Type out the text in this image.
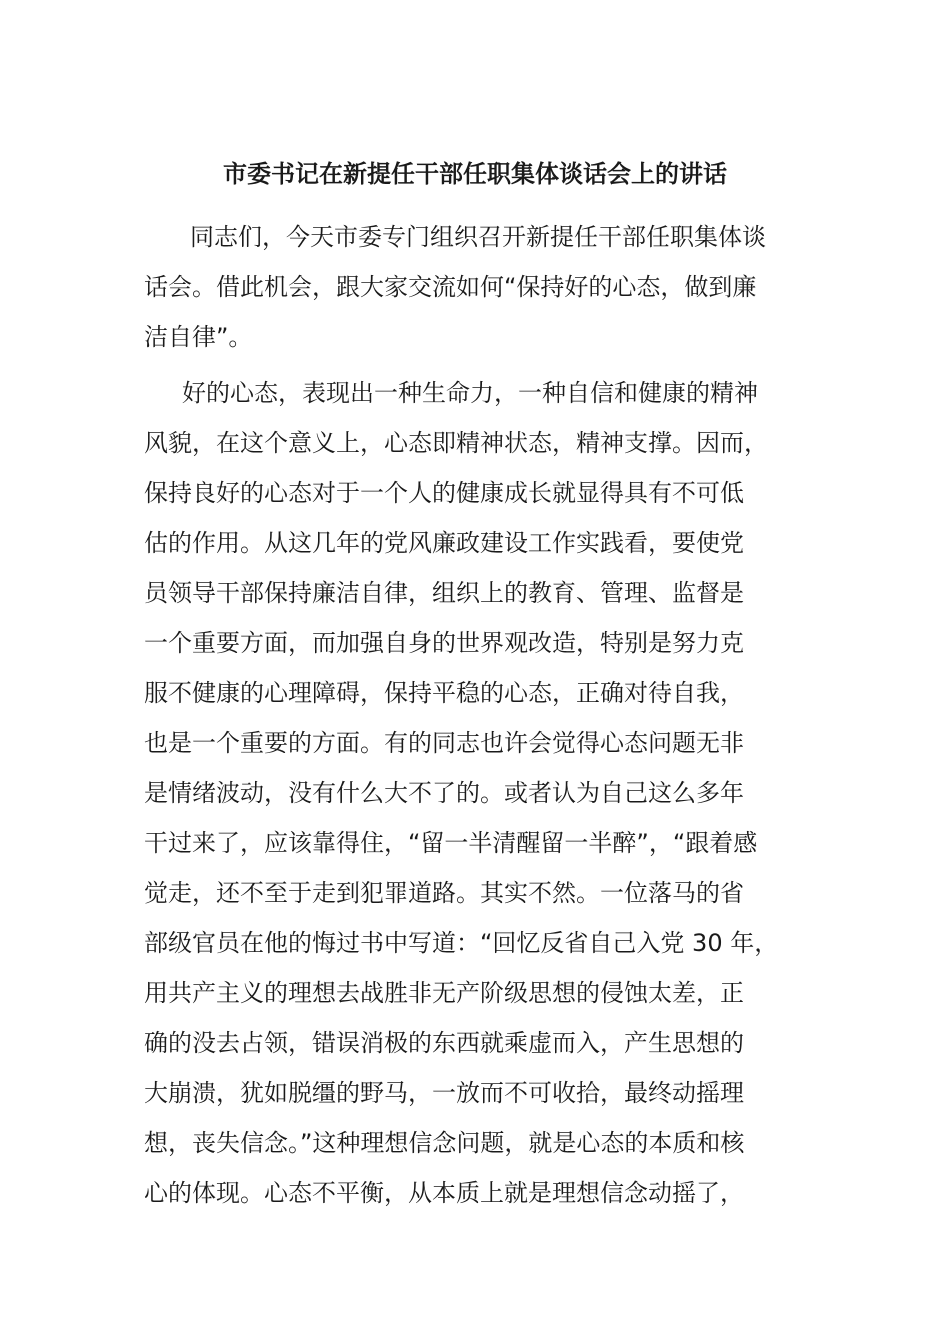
市委书记在新提任干部任职集体谈话会上的讲话
同志们，今天市委专门组织召开新提任干部任职集体谈
话会。借此机会，跟大家交流如何“保持好的心态，做到廉
洁自律”。
好的心态，表现出一种生命力，一种自信和健康的精神
风貌，在这个意义上，心态即精神状态，精神支撑。因而，
保持良好的心态对于一个人的健康成长就显得具有不可低
估的作用。从这几年的党风廉政建设工作实践看，要使党
员领导干部保持廉洁自律，组织上的教育、管理、监督是
一个重要方面，而加强自身的世界观改造，特别是努力克
服不健康的心理障碍，保持平稳的心态，正确对待自我，
也是一个重要的方面。有的同志也许会觉得心态问题无非
是情绪波动，没有什么大不了的。或者认为自己这么多年
干过来了，应该靠得住，“留一半清醒留一半醉”，“跟着感
觉走，还不至于走到犯罪道路。其实不然。一位落马的省
部级官员在他的悔过书中写道：“回忆反省自己入党 30 年，
用共产主义的理想去战胜非无产阶级思想的侵蚀太差，正
确的没去占领，错误消极的东西就乘虚而入，产生思想的
大崩溃，犹如脱缰的野马，一放而不可收拾，最终动摇理
想，丧失信念。”这种理想信念问题，就是心态的本质和核
心的体现。心态不平衡，从本质上就是理想信念动摇了，
